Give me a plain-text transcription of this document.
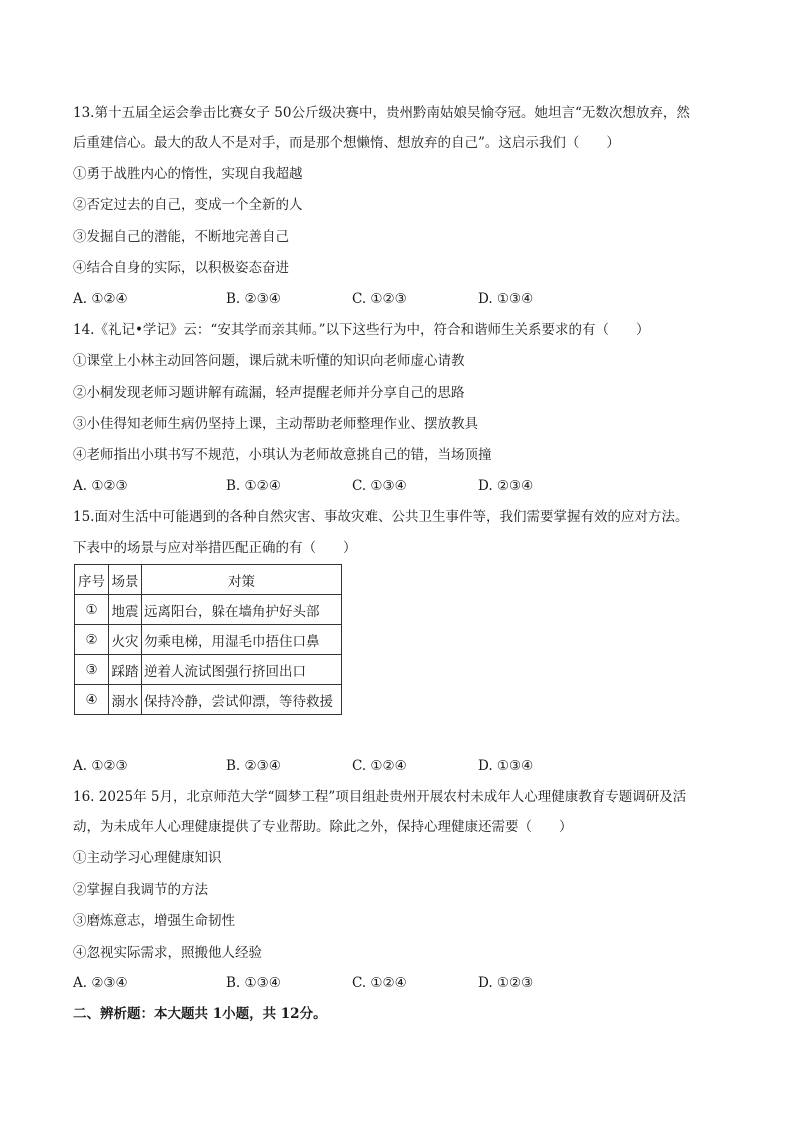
13.第十五届全运会拳击比赛女子 50公斤级决赛中，贵州黔南姑娘吴愉夺冠。她坦言“无数次想放弃，然
后重建信心。最大的敌人不是对手，而是那个想懒惰、想放弃的自己”。这启示我们（　　）
①勇于战胜内心的惰性，实现自我超越
②否定过去的自己，变成一个全新的人
③发掘自己的潜能，不断地完善自己
④结合自身的实际，以积极姿态奋进
A. ①②④	B. ②③④	C. ①②③	D. ①③④
14.《礼记•学记》云：“安其学而亲其师。”以下这些行为中，符合和谐师生关系要求的有（　　）
①课堂上小林主动回答问题，课后就未听懂的知识向老师虚心请教
②小桐发现老师习题讲解有疏漏，轻声提醒老师并分享自己的思路
③小佳得知老师生病仍坚持上课，主动帮助老师整理作业、摆放教具
④老师指出小琪书写不规范，小琪认为老师故意挑自己的错，当场顶撞
A. ①②③	B. ①②④	C. ①③④	D. ②③④
15.面对生活中可能遇到的各种自然灾害、事故灾难、公共卫生事件等，我们需要掌握有效的应对方法。
下表中的场景与应对举措匹配正确的有（　　）
序号	场景	对策
①	地震	远离阳台，躲在墙角护好头部
②	火灾	勿乘电梯，用湿毛巾捂住口鼻
③	踩踏	逆着人流试图强行挤回出口
④	溺水	保持冷静，尝试仰漂，等待救援
A. ①②③	B. ②③④	C. ①②④	D. ①③④
16. 2025年 5月，北京师范大学“圆梦工程”项目组赴贵州开展农村未成年人心理健康教育专题调研及活
动，为未成年人心理健康提供了专业帮助。除此之外，保持心理健康还需要（　　）
①主动学习心理健康知识
②掌握自我调节的方法
③磨炼意志，增强生命韧性
④忽视实际需求，照搬他人经验
A. ②③④	B. ①③④	C. ①②④	D. ①②③
二、辨析题：本大题共 1小题，共 12分。
